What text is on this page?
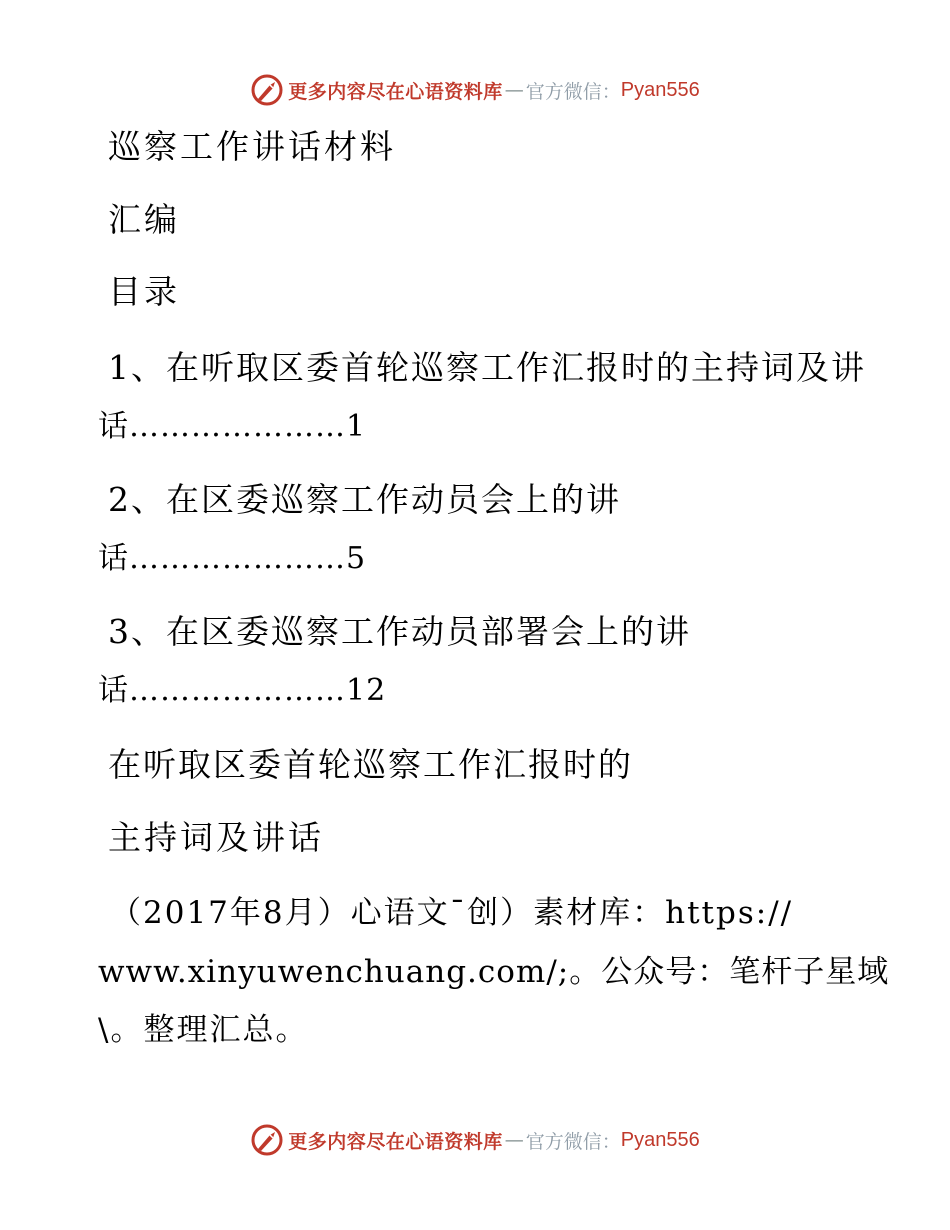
更多内容尽在心语资料库 — 官方微信： Pyan556
巡察工作讲话材料
汇编
目录
1、在听取区委首轮巡察工作汇报时的主持词及讲
话…………………1
2、在区委巡察工作动员会上的讲
话…………………5
3、在区委巡察工作动员部署会上的讲
话…………………12
在听取区委首轮巡察工作汇报时的
主持词及讲话
（2017年8月）心语文¯创）素材库：https://
www.xinyuwenchuang.com/;。公众号：笔杆子星域
\。整理汇总。
更多内容尽在心语资料库 — 官方微信： Pyan556
